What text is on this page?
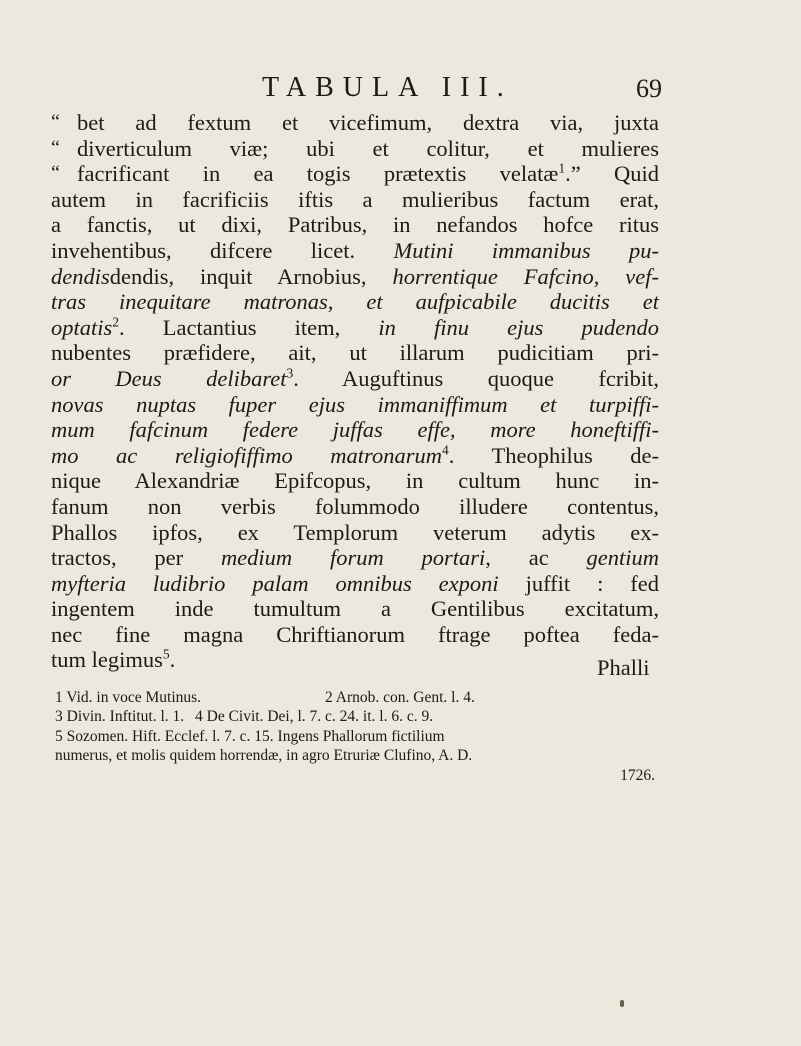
TABULA III.	69
“ bet ad fextum et vicefimum, dextra via, juxta
“ diverticulum viæ; ubi et colitur, et mulieres
“ facrificant in ea togis prætextis velatæ$^1$.” Quid
autem in facrificiis iftis a mulieribus factum erat,
a fanctis, ut dixi, Patribus, in nefandos hofce ritus
invehentibus, difcere licet. Mutini immanibus pu-
dendisdendis, inquit Arnobius, horrentique Fafcino, vef-
tras inequitare matronas, et aufpicabile ducitis et
optatis$^2$. Lactantius item, in finu ejus pudendo
nubentes præfidere, ait, ut illarum pudicitiam pri-
or Deus delibaret$^3$. Auguftinus quoque fcribit,
novas nuptas fuper ejus immaniffimum et turpiffi-
mum fafcinum federe juffas effe, more honeftiffi-
mo ac religiofiffimo matronarum$^4$. Theophilus de-
nique Alexandriæ Epifcopus, in cultum hunc in-
fanum non verbis folummodo illudere contentus,
Phallos ipfos, ex Templorum veterum adytis ex-
tractos, per medium forum portari, ac gentium
myfteria ludibrio palam omnibus exponi juffit : fed
ingentem inde tumultum a Gentilibus excitatum,
nec fine magna Chriftianorum ftrage poftea feda-
tum legimus$^5$.	Phalli
1 Vid. in voce Mutinus.	2 Arnob. con. Gent. l. 4.
3 Divin. Inftitut. l. 1. 4 De Civit. Dei, l. 7. c. 24. it. l. 6. c. 9.
5 Sozomen. Hift. Ecclef. l. 7. c. 15. Ingens Phallorum fictilium
numerus, et molis quidem horrendæ, in agro Etruriæ Clufino, A. D.
1726.
